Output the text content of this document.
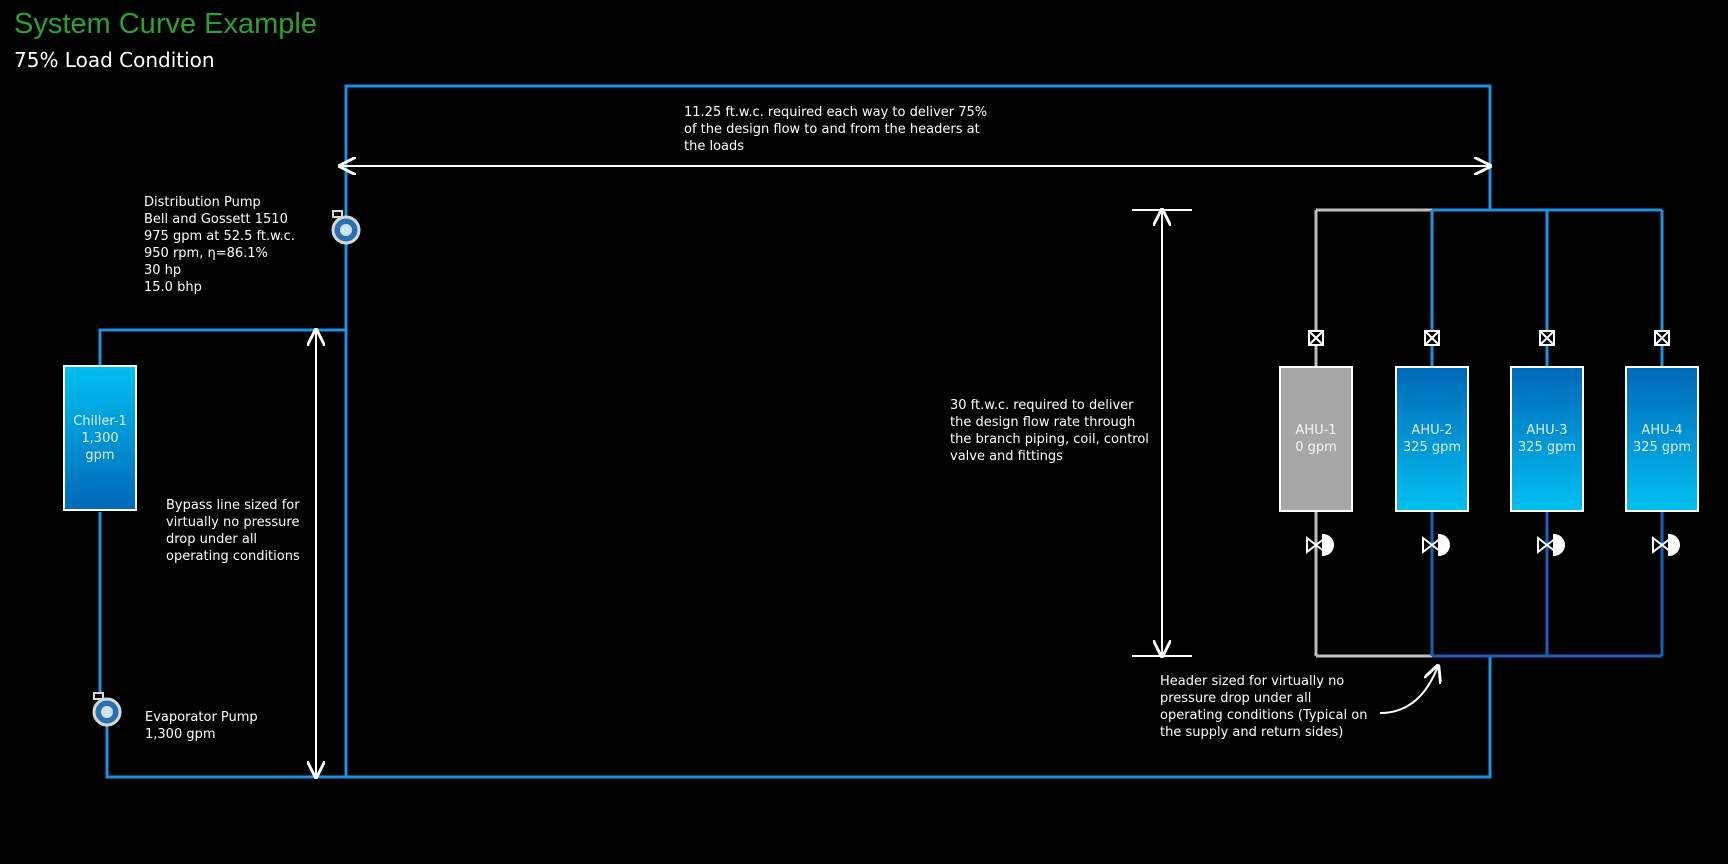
System Curve Example
75% Load Condition
Distribution Pump
Bell and Gossett 1510
975 gpm at 52.5 ft.w.c.
950 rpm, η=86.1%
30 hp
15.0 bhp
11.25 ft.w.c. required each way to deliver 75%
of the design flow to and from the headers at
the loads
30 ft.w.c. required to deliver
the design flow rate through
the branch piping, coil, control
valve and fittings
Bypass line sized for
virtually no pressure
drop under all
operating conditions
Evaporator Pump
1,300 gpm
Header sized for virtually no
pressure drop under all
operating conditions (Typical on
the supply and return sides)
Chiller-1
1,300 gpm
AHU-1
0 gpm
AHU-2
325 gpm
AHU-3
325 gpm
AHU-4
325 gpm
